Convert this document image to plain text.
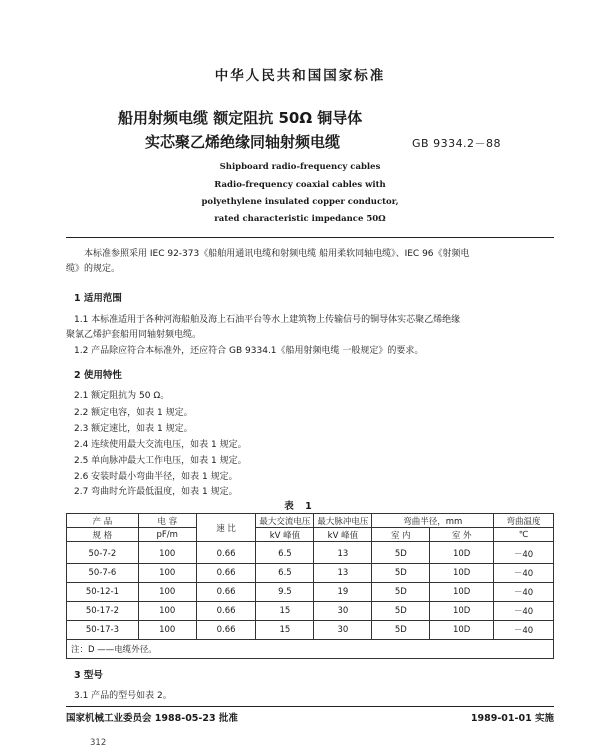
中华人民共和国国家标准
船用射频电缆 额定阻抗 50Ω 铜导体
实芯聚乙烯绝缘同轴射频电缆	GB 9334.2－88
Shipboard radio-frequency cables
Radio-frequency coaxial cables with
polyethylene insulated copper conductor,
rated characteristic impedance 50Ω
本标准参照采用 IEC 92-373《船舶用通讯电缆和射频电缆 船用柔软同轴电缆》、IEC 96《射频电
缆》的规定。
1 适用范围
1.1 本标准适用于各种河海船舶及海上石油平台等水上建筑物上传输信号的铜导体实芯聚乙烯绝缘
聚氯乙烯护套船用同轴射频电缆。
1.2 产品除应符合本标准外，还应符合 GB 9334.1《船用射频电缆 一般规定》的要求。
2 使用特性
2.1 额定阻抗为 50 Ω。
2.2 额定电容，如表 1 规定。
2.3 额定速比，如表 1 规定。
2.4 连续使用最大交流电压，如表 1 规定。
2.5 单向脉冲最大工作电压，如表 1 规定。
2.6 安装时最小弯曲半径，如表 1 规定。
2.7 弯曲时允许最低温度，如表 1 规定。
表 1
产 品	电 容	速 比	最大交流电压	最大脉冲电压	弯曲半径，mm		弯曲温度
规 格	pF/m		kV 峰值	kV 峰值	室 内	室 外	℃
50-7-2	100	0.66	6.5	13	5D	10D	－40
50-7-6	100	0.66	6.5	13	5D	10D	－40
50-12-1	100	0.66	9.5	19	5D	10D	－40
50-17-2	100	0.66	15	30	5D	10D	－40
50-17-3	100	0.66	15	30	5D	10D	－40
注：D ——电缆外径。							
3 型号
3.1 产品的型号如表 2。
国家机械工业委员会 1988-05-23 批准	1989-01-01 实施
312
